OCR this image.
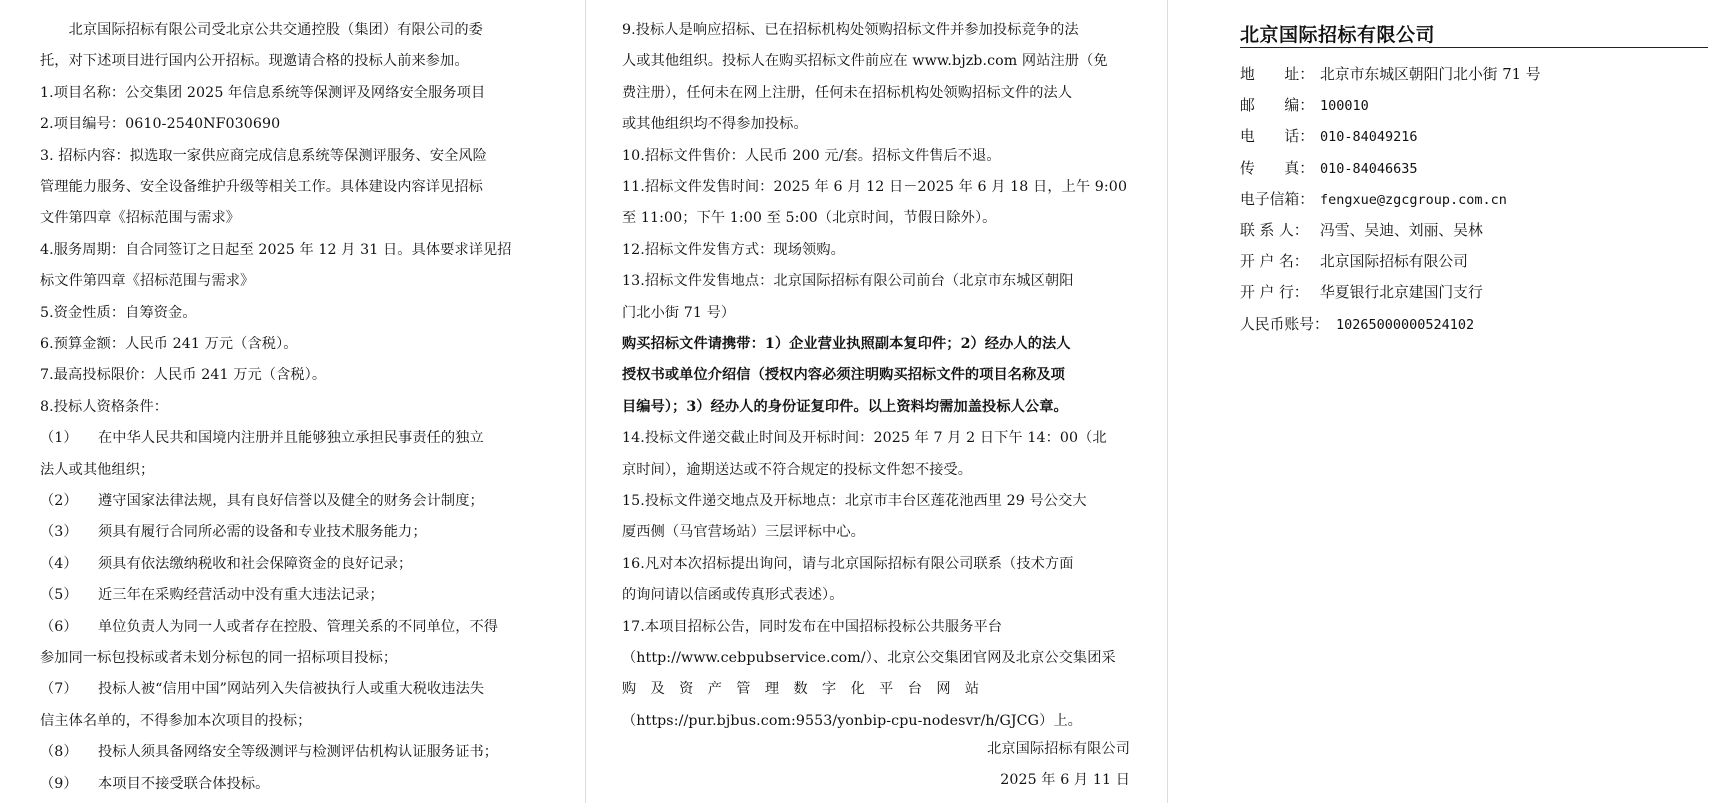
　　北京国际招标有限公司受北京公共交通控股（集团）有限公司的委
托，对下述项目进行国内公开招标。现邀请合格的投标人前来参加。
1.项目名称：公交集团 2025 年信息系统等保测评及网络安全服务项目
2.项目编号：0610-2540NF030690
3. 招标内容：拟选取一家供应商完成信息系统等保测评服务、安全风险
管理能力服务、安全设备维护升级等相关工作。具体建设内容详见招标
文件第四章《招标范围与需求》
4.服务周期：自合同签订之日起至 2025 年 12 月 31 日。具体要求详见招
标文件第四章《招标范围与需求》
5.资金性质：自筹资金。
6.预算金额：人民币 241 万元（含税）。
7.最高投标限价：人民币 241 万元（含税）。
8.投标人资格条件：
（1） 在中华人民共和国境内注册并且能够独立承担民事责任的独立
法人或其他组织；
（2） 遵守国家法律法规，具有良好信誉以及健全的财务会计制度；
（3） 须具有履行合同所必需的设备和专业技术服务能力；
（4） 须具有依法缴纳税收和社会保障资金的良好记录；
（5） 近三年在采购经营活动中没有重大违法记录；
（6） 单位负责人为同一人或者存在控股、管理关系的不同单位，不得
参加同一标包投标或者未划分标包的同一招标项目投标；
（7） 投标人被“信用中国”网站列入失信被执行人或重大税收违法失
信主体名单的，不得参加本次项目的投标；
（8） 投标人须具备网络安全等级测评与检测评估机构认证服务证书；
（9） 本项目不接受联合体投标。
北京国际招标有限公司
2025 年 6 月 11 日
9.投标人是响应招标、已在招标机构处领购招标文件并参加投标竞争的法
人或其他组织。投标人在购买招标文件前应在 www.bjzb.com 网站注册（免
费注册），任何未在网上注册，任何未在招标机构处领购招标文件的法人
或其他组织均不得参加投标。
10.招标文件售价：人民币 200 元/套。招标文件售后不退。
11.招标文件发售时间：2025 年 6 月 12 日－2025 年 6 月 18 日，上午 9:00
至 11:00；下午 1:00 至 5:00（北京时间，节假日除外）。
12.招标文件发售方式：现场领购。
13.招标文件发售地点：北京国际招标有限公司前台（北京市东城区朝阳
门北小街 71 号）
购买招标文件请携带：1）企业营业执照副本复印件；2）经办人的法人
授权书或单位介绍信（授权内容必须注明购买招标文件的项目名称及项
目编号）；3）经办人的身份证复印件。以上资料均需加盖投标人公章。
14.投标文件递交截止时间及开标时间：2025 年 7 月 2 日下午 14：00（北
京时间），逾期送达或不符合规定的投标文件恕不接受。
15.投标文件递交地点及开标地点：北京市丰台区莲花池西里 29 号公交大
厦西侧（马官营场站）三层评标中心。
16.凡对本次招标提出询问，请与北京国际招标有限公司联系（技术方面
的询问请以信函或传真形式表述）。
17.本项目招标公告，同时发布在中国招标投标公共服务平台
（http://www.cebpubservice.com/）、北京公交集团官网及北京公交集团采
购　及　资　产　管　理　数　字　化　平　台　网　站
（https://pur.bjbus.com:9553/yonbip-cpu-nodesvr/h/GJCG）上。
北京国际招标有限公司
地　　址： 北京市东城区朝阳门北小街 71 号
邮　　编： 100010
电　　话： 010-84049216
传　　真： 010-84046635
电子信箱： fengxue@zgcgroup.com.cn
联 系 人： 冯雪、吴迪、刘丽、吴林
开 户 名： 北京国际招标有限公司
开 户 行： 华夏银行北京建国门支行
人民币账号： 10265000000524102
